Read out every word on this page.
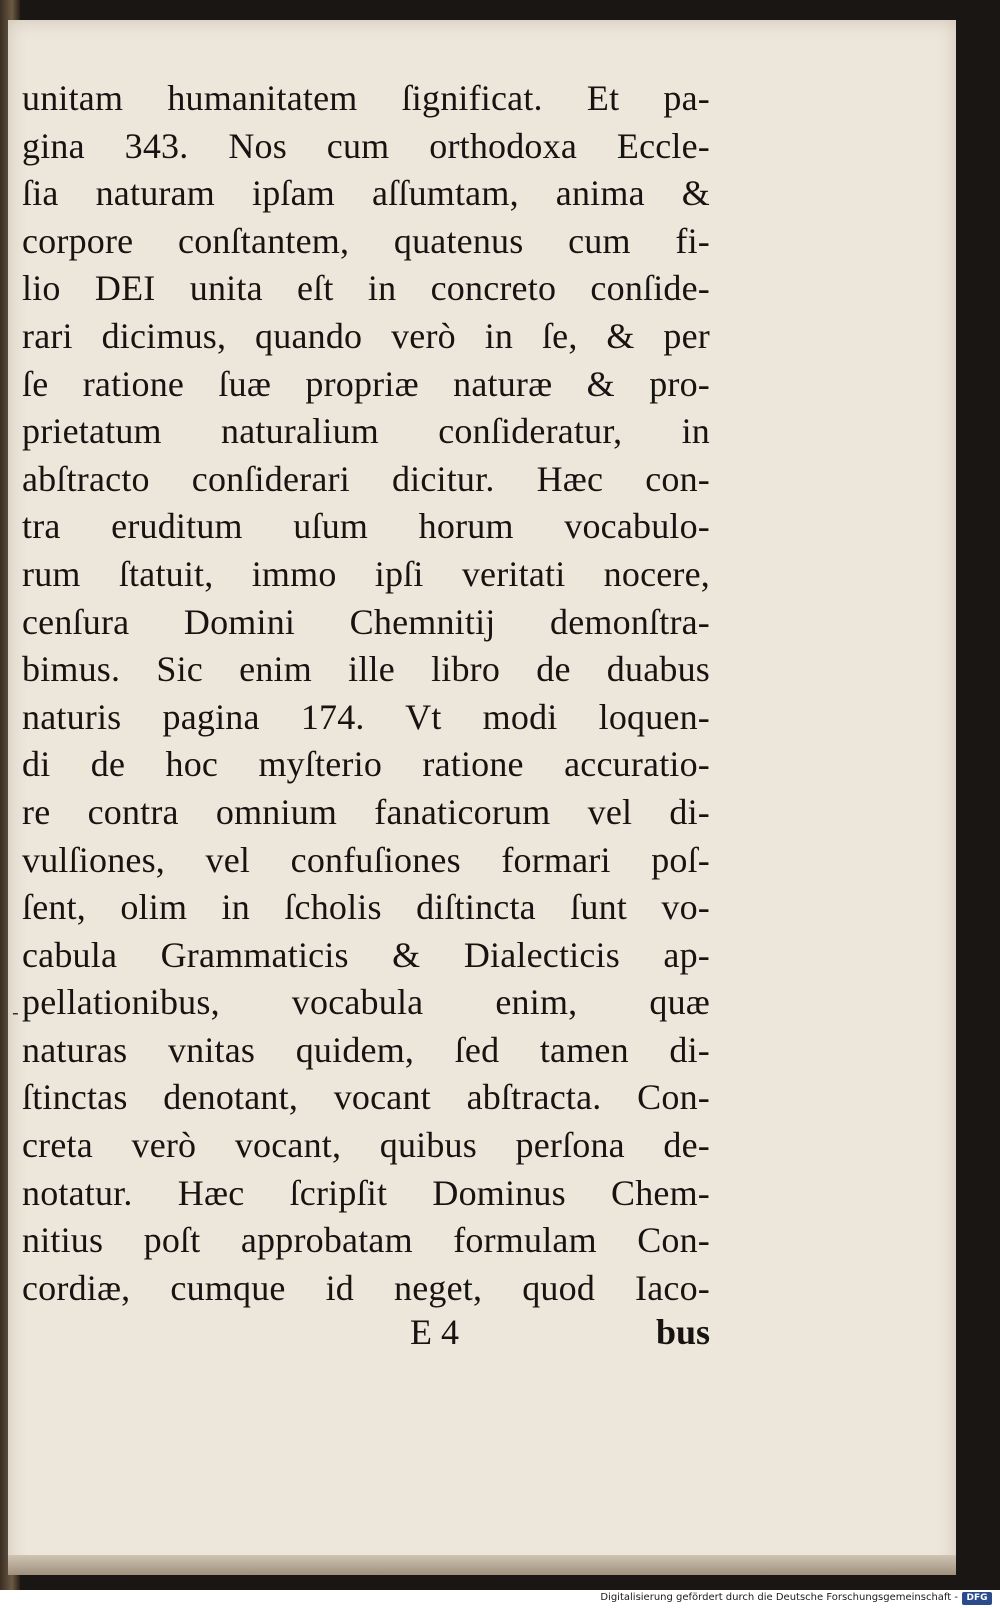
unitam humanitatem ſignificat. Et pa-
gina 343. Nos cum orthodoxa Eccle-
ſia naturam ipſam aſſumtam, anima &
corpore conſtantem, quatenus cum fi-
lio DEI unita eſt in concreto conſide-
rari dicimus, quando verò in ſe, & per
ſe ratione ſuæ propriæ naturæ & pro-
prietatum naturalium conſideratur, in
abſtracto conſiderari dicitur. Hæc con-
tra eruditum uſum horum vocabulo-
rum ſtatuit, immo ipſi veritati nocere,
cenſura Domini Chemnitij demonſtra-
bimus. Sic enim ille libro de duabus
naturis pagina 174. Vt modi loquen-
di de hoc myſterio ratione accuratio-
re contra omnium fanaticorum vel di-
vulſiones, vel confuſiones formari poſ-
ſent, olim in ſcholis diſtincta ſunt vo-
cabula Grammaticis & Dialecticis ap-
pellationibus, vocabula enim, quæ
naturas vnitas quidem, ſed tamen di-
ſtinctas denotant, vocant abſtracta. Con-
creta verò vocant, quibus perſona de-
notatur. Hæc ſcripſit Dominus Chem-
nitius poſt approbatam formulam Con-
cordiæ, cumque id neget, quod Iaco-
E 4	bus
-
Digitalisierung gefördert durch die Deutsche Forschungsgemeinschaft - DFG
